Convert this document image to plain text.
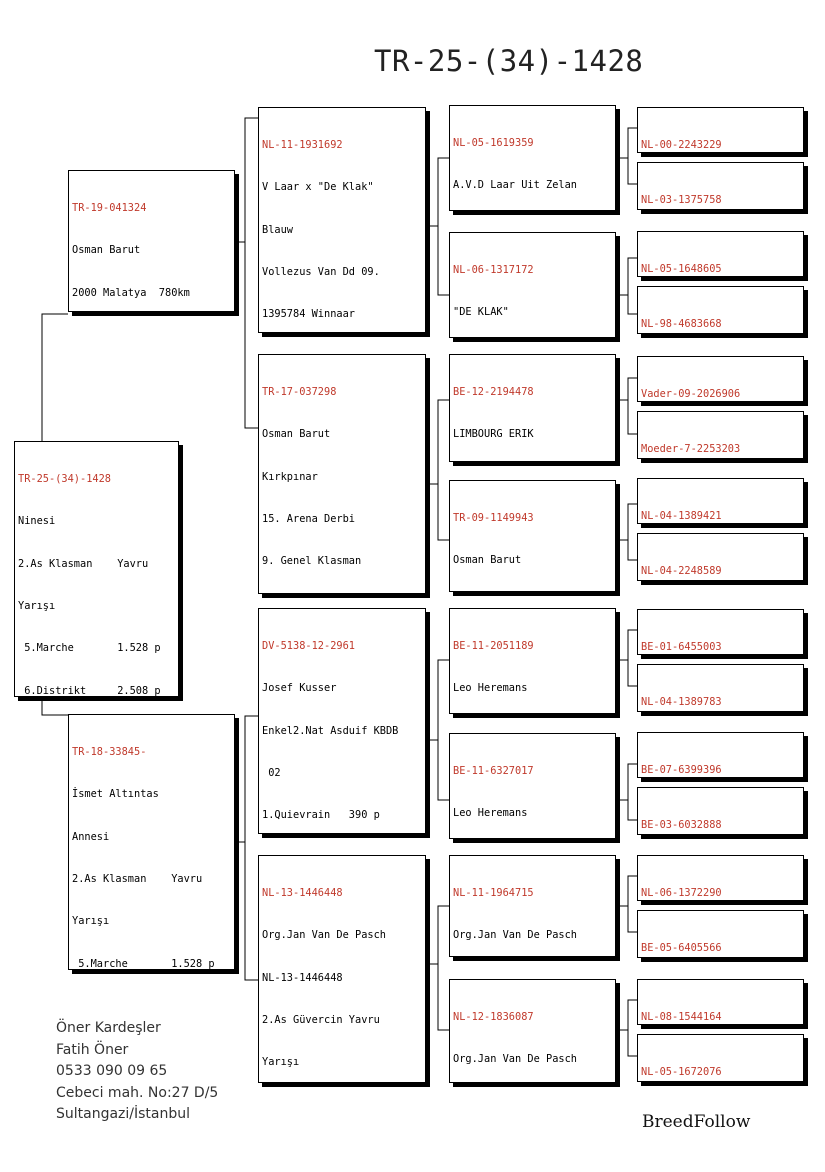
TR-25-(34)-1428

TR-25-(34)-1428

Ninesi

2.As Klasman    Yavru

Yarışı

5.Marche       1.528 p

6.Distrikt     2.508 p

TR-19-041324

Osman Barut

2000 Malatya  780km

TR-18-33845-

İsmet Altıntas

Annesi

2.As Klasman    Yavru

Yarışı

5.Marche       1.528 p

NL-11-1931692

V Laar x "De Klak"

Blauw

Vollezus Van Dd 09.

1395784 Winnaar

TR-17-037298

Osman Barut

Kırkpınar

15. Arena Derbi

9. Genel Klasman

DV-5138-12-2961

Josef Kusser

Enkel2.Nat Asduif KBDB

02

1.Quievrain   390 p

NL-13-1446448

Org.Jan Van De Pasch

NL-13-1446448

2.As Güvercin Yavru

Yarışı

NL-05-1619359

A.V.D Laar Uit Zelan

NL-06-1317172

"DE KLAK"

BE-12-2194478

LIMBOURG ERIK

TR-09-1149943

Osman Barut

BE-11-2051189

Leo Heremans

BE-11-6327017

Leo Heremans

NL-11-1964715

Org.Jan Van De Pasch

NL-12-1836087

Org.Jan Van De Pasch

NL-00-2243229

NL-03-1375758

NL-05-1648605

NL-98-4683668

Vader-09-2026906

Moeder-7-2253203

NL-04-1389421

NL-04-2248589

BE-01-6455003

NL-04-1389783

BE-07-6399396

BE-03-6032888

NL-06-1372290

BE-05-6405566

NL-08-1544164

NL-05-1672076

Öner Kardeşler
Fatih Öner
0533 090 09 65
Cebeci mah. No:27 D/5
Sultangazi/İstanbul	BreedFollow
